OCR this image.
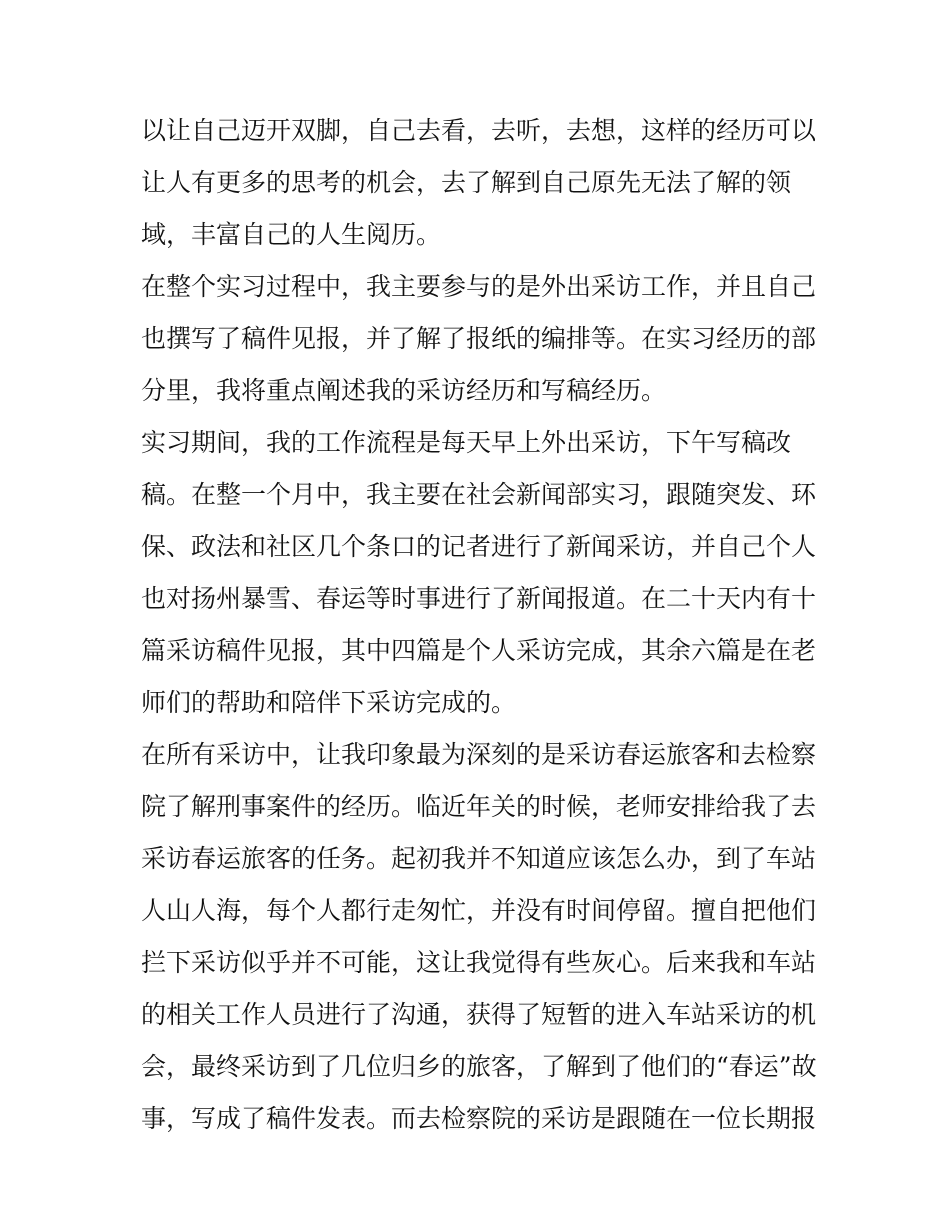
以让自己迈开双脚，自己去看，去听，去想，这样的经历可以
让人有更多的思考的机会，去了解到自己原先无法了解的领
域，丰富自己的人生阅历。
在整个实习过程中，我主要参与的是外出采访工作，并且自己
也撰写了稿件见报，并了解了报纸的编排等。在实习经历的部
分里，我将重点阐述我的采访经历和写稿经历。
实习期间，我的工作流程是每天早上外出采访，下午写稿改
稿。在整一个月中，我主要在社会新闻部实习，跟随突发、环
保、政法和社区几个条口的记者进行了新闻采访，并自己个人
也对扬州暴雪、春运等时事进行了新闻报道。在二十天内有十
篇采访稿件见报，其中四篇是个人采访完成，其余六篇是在老
师们的帮助和陪伴下采访完成的。
在所有采访中，让我印象最为深刻的是采访春运旅客和去检察
院了解刑事案件的经历。临近年关的时候，老师安排给我了去
采访春运旅客的任务。起初我并不知道应该怎么办，到了车站
人山人海，每个人都行走匆忙，并没有时间停留。擅自把他们
拦下采访似乎并不可能，这让我觉得有些灰心。后来我和车站
的相关工作人员进行了沟通，获得了短暂的进入车站采访的机
会，最终采访到了几位归乡的旅客，了解到了他们的“春运”故
事，写成了稿件发表。而去检察院的采访是跟随在一位长期报
